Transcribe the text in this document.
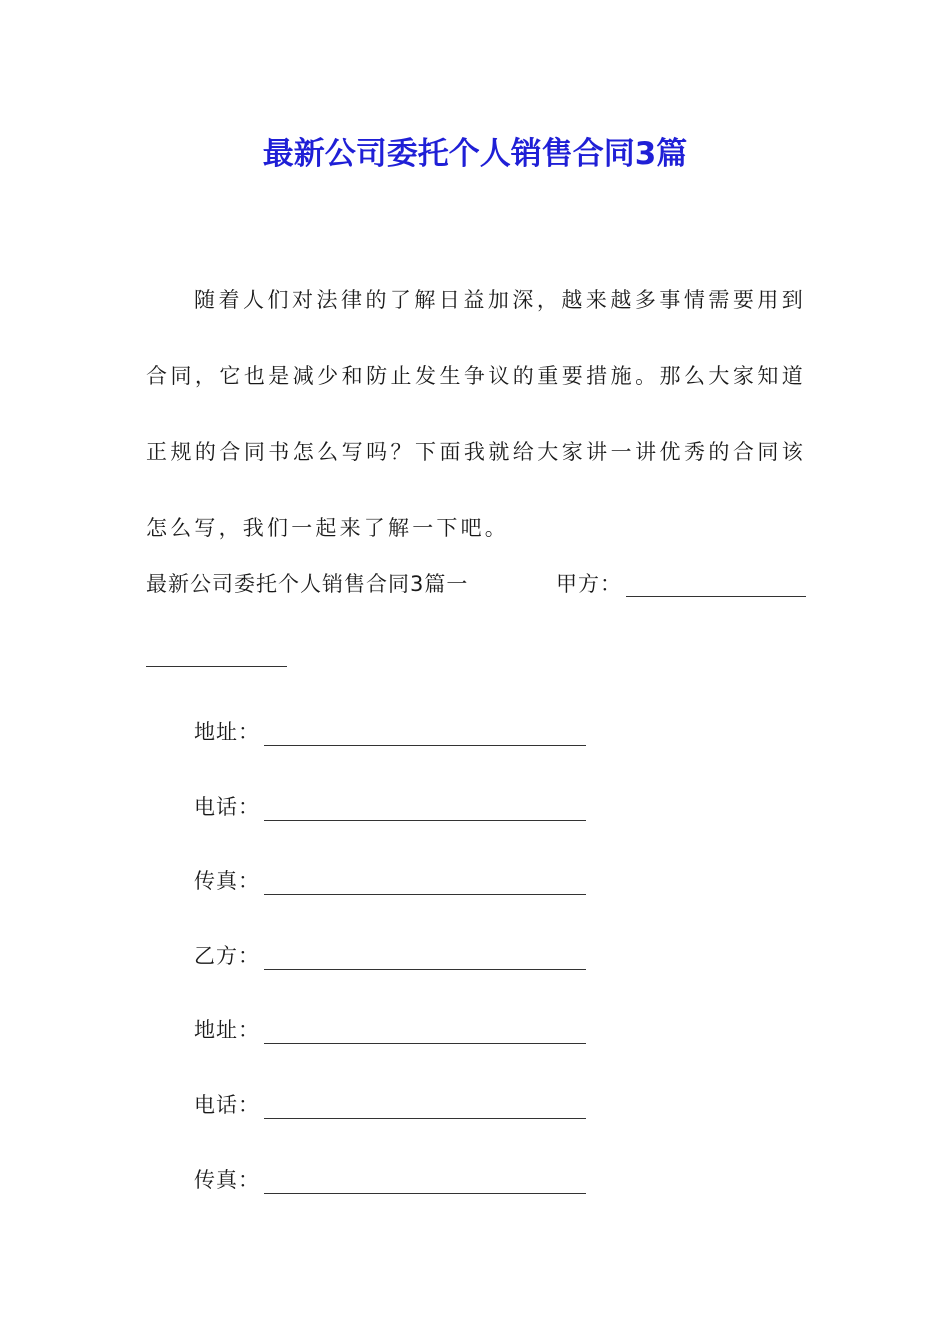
最新公司委托个人销售合同3篇

随着人们对法律的了解日益加深，越来越多事情需要用到合同，它也是减少和防止发生争议的重要措施。那么大家知道正规的合同书怎么写吗？下面我就给大家讲一讲优秀的合同该怎么写，我们一起来了解一下吧。

最新公司委托个人销售合同3篇一	甲方：
地址：
电话：
传真：
乙方：
地址：
电话：
传真：
